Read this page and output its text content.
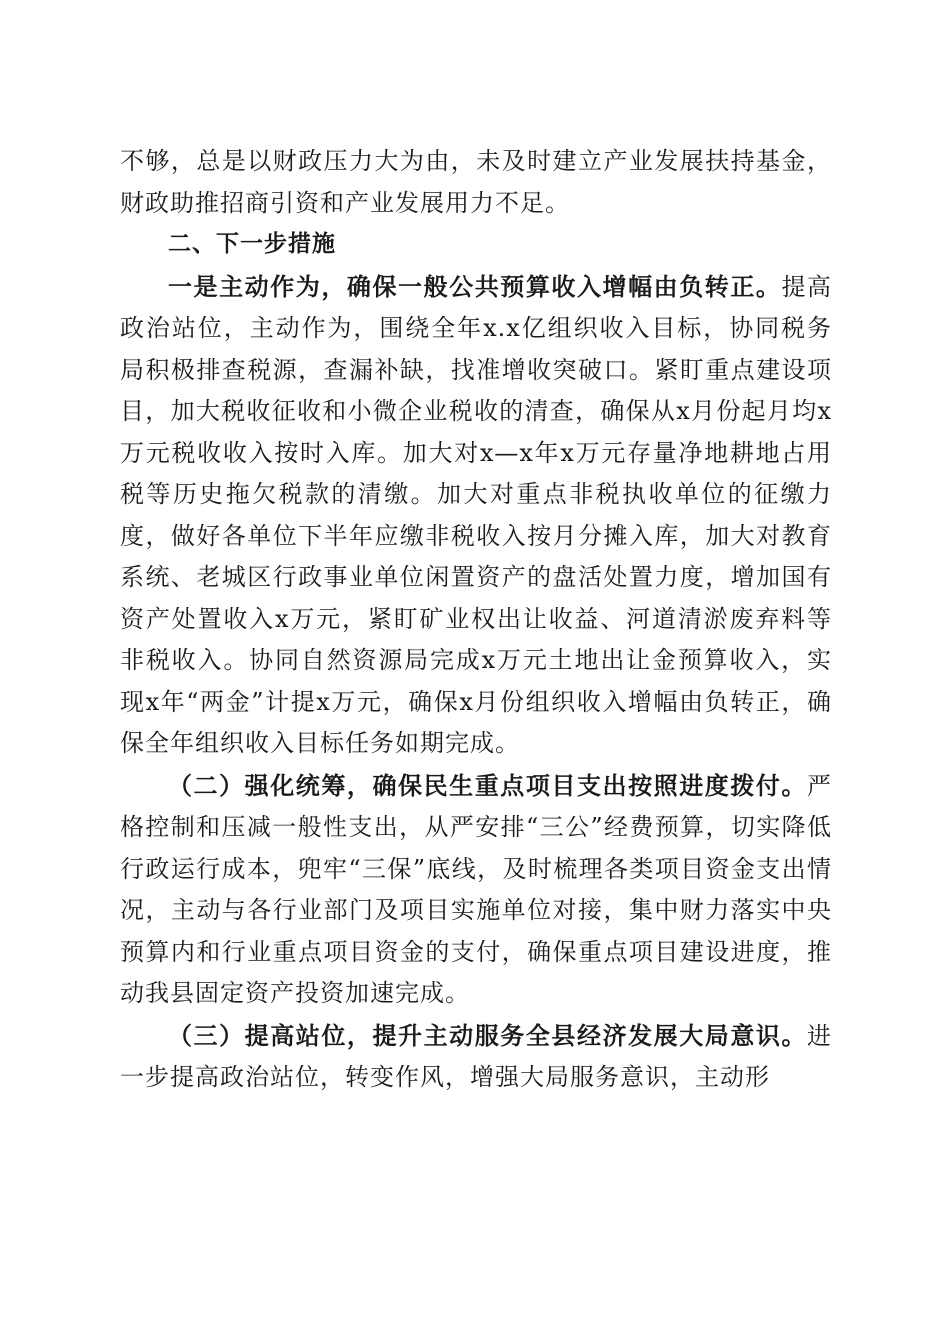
不够，总是以财政压力大为由，未及时建立产业发展扶持基金，财政助推招商引资和产业发展用力不足。

二、下一步措施

一是主动作为，确保一般公共预算收入增幅由负转正。提高政治站位，主动作为，围绕全年x.x亿组织收入目标，协同税务局积极排查税源，查漏补缺，找准增收突破口。紧盯重点建设项目，加大税收征收和小微企业税收的清查，确保从x月份起月均x万元税收收入按时入库。加大对x—x年x万元存量净地耕地占用税等历史拖欠税款的清缴。加大对重点非税执收单位的征缴力度，做好各单位下半年应缴非税收入按月分摊入库，加大对教育系统、老城区行政事业单位闲置资产的盘活处置力度，增加国有资产处置收入x万元，紧盯矿业权出让收益、河道清淤废弃料等非税收入。协同自然资源局完成x万元土地出让金预算收入，实现x年“两金”计提x万元，确保x月份组织收入增幅由负转正，确保全年组织收入目标任务如期完成。

（二）强化统筹，确保民生重点项目支出按照进度拨付。严格控制和压减一般性支出，从严安排“三公”经费预算，切实降低行政运行成本，兜牢“三保”底线，及时梳理各类项目资金支出情况，主动与各行业部门及项目实施单位对接，集中财力落实中央预算内和行业重点项目资金的支付，确保重点项目建设进度，推动我县固定资产投资加速完成。

（三）提高站位，提升主动服务全县经济发展大局意识。进一步提高政治站位，转变作风，增强大局服务意识，主动形
